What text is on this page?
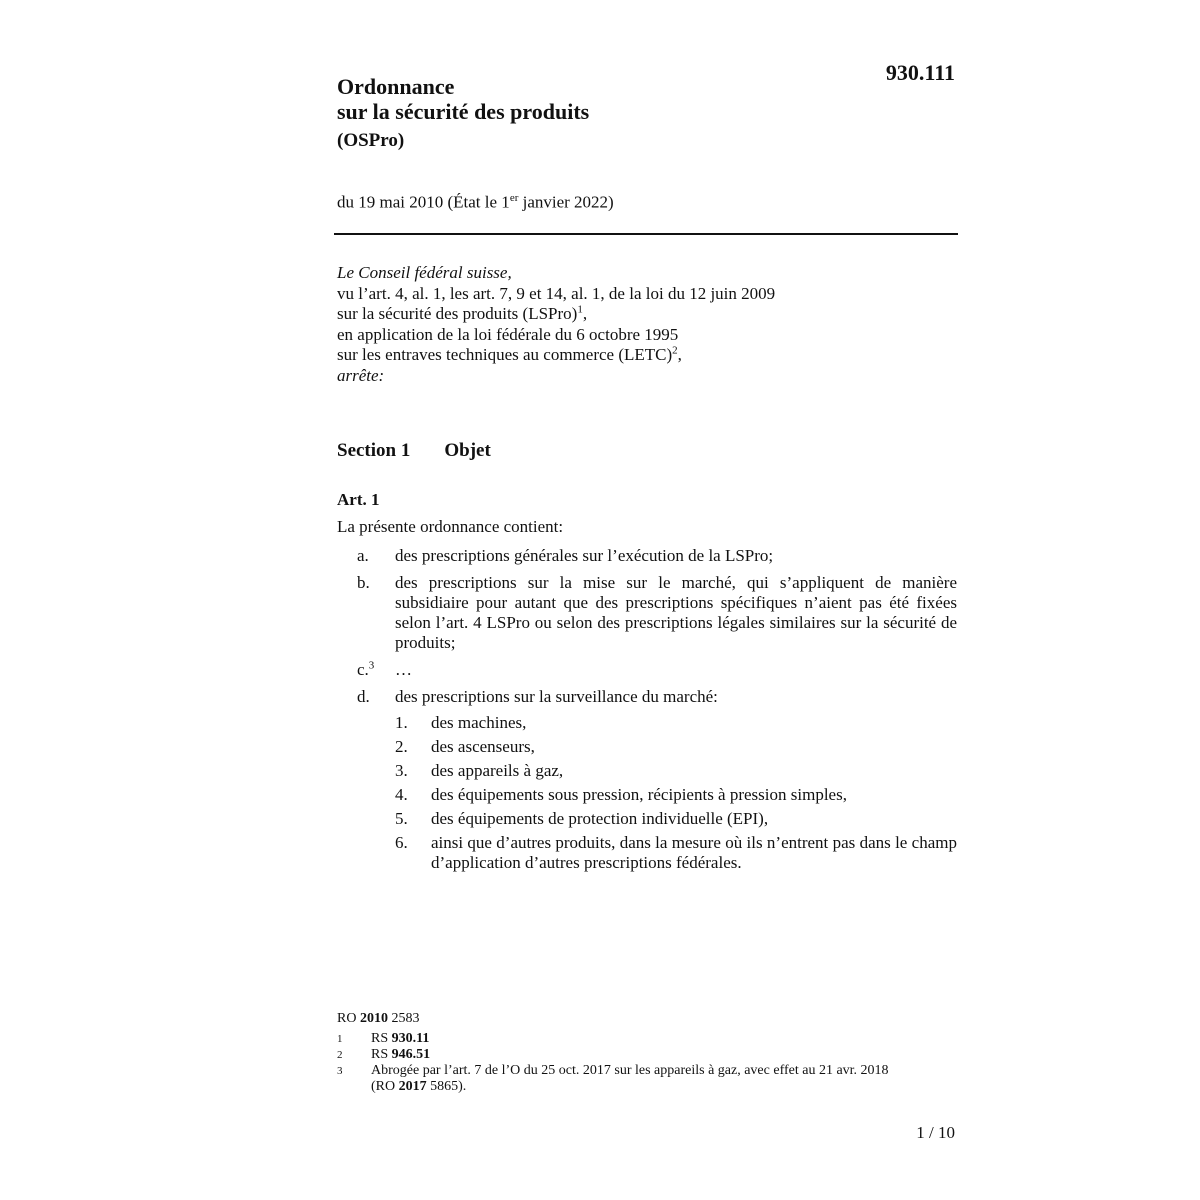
930.111
Ordonnance
sur la sécurité des produits
(OSPro)
du 19 mai 2010 (État le 1er janvier 2022)
Le Conseil fédéral suisse,
vu l’art. 4, al. 1, les art. 7, 9 et 14, al. 1, de la loi du 12 juin 2009
sur la sécurité des produits (LSPro)$^1$,
en application de la loi fédérale du 6 octobre 1995
sur les entraves techniques au commerce (LETC)$^2$,
arrête:
Section 1 Objet
Art. 1
La présente ordonnance contient:
a.	des prescriptions générales sur l’exécution de la LSPro;
b.	des prescriptions sur la mise sur le marché, qui s’appliquent de manière subsidiaire pour autant que des prescriptions spécifiques n’aient pas été fixées selon l’art. 4 LSPro ou selon des prescriptions légales similaires sur la sécurité de produits;
c.$^3$	…
d.	des prescriptions sur la surveillance du marché:
1.	des machines,
2.	des ascenseurs,
3.	des appareils à gaz,
4.	des équipements sous pression, récipients à pression simples,
5.	des équipements de protection individuelle (EPI),
6.	ainsi que d’autres produits, dans la mesure où ils n’entrent pas dans le champ d’application d’autres prescriptions fédérales.
RO 2010 2583
1	RS 930.11
2	RS 946.51
3	Abrogée par l’art. 7 de l’O du 25 oct. 2017 sur les appareils à gaz, avec effet au 21 avr. 2018 (RO 2017 5865).
1 / 10
